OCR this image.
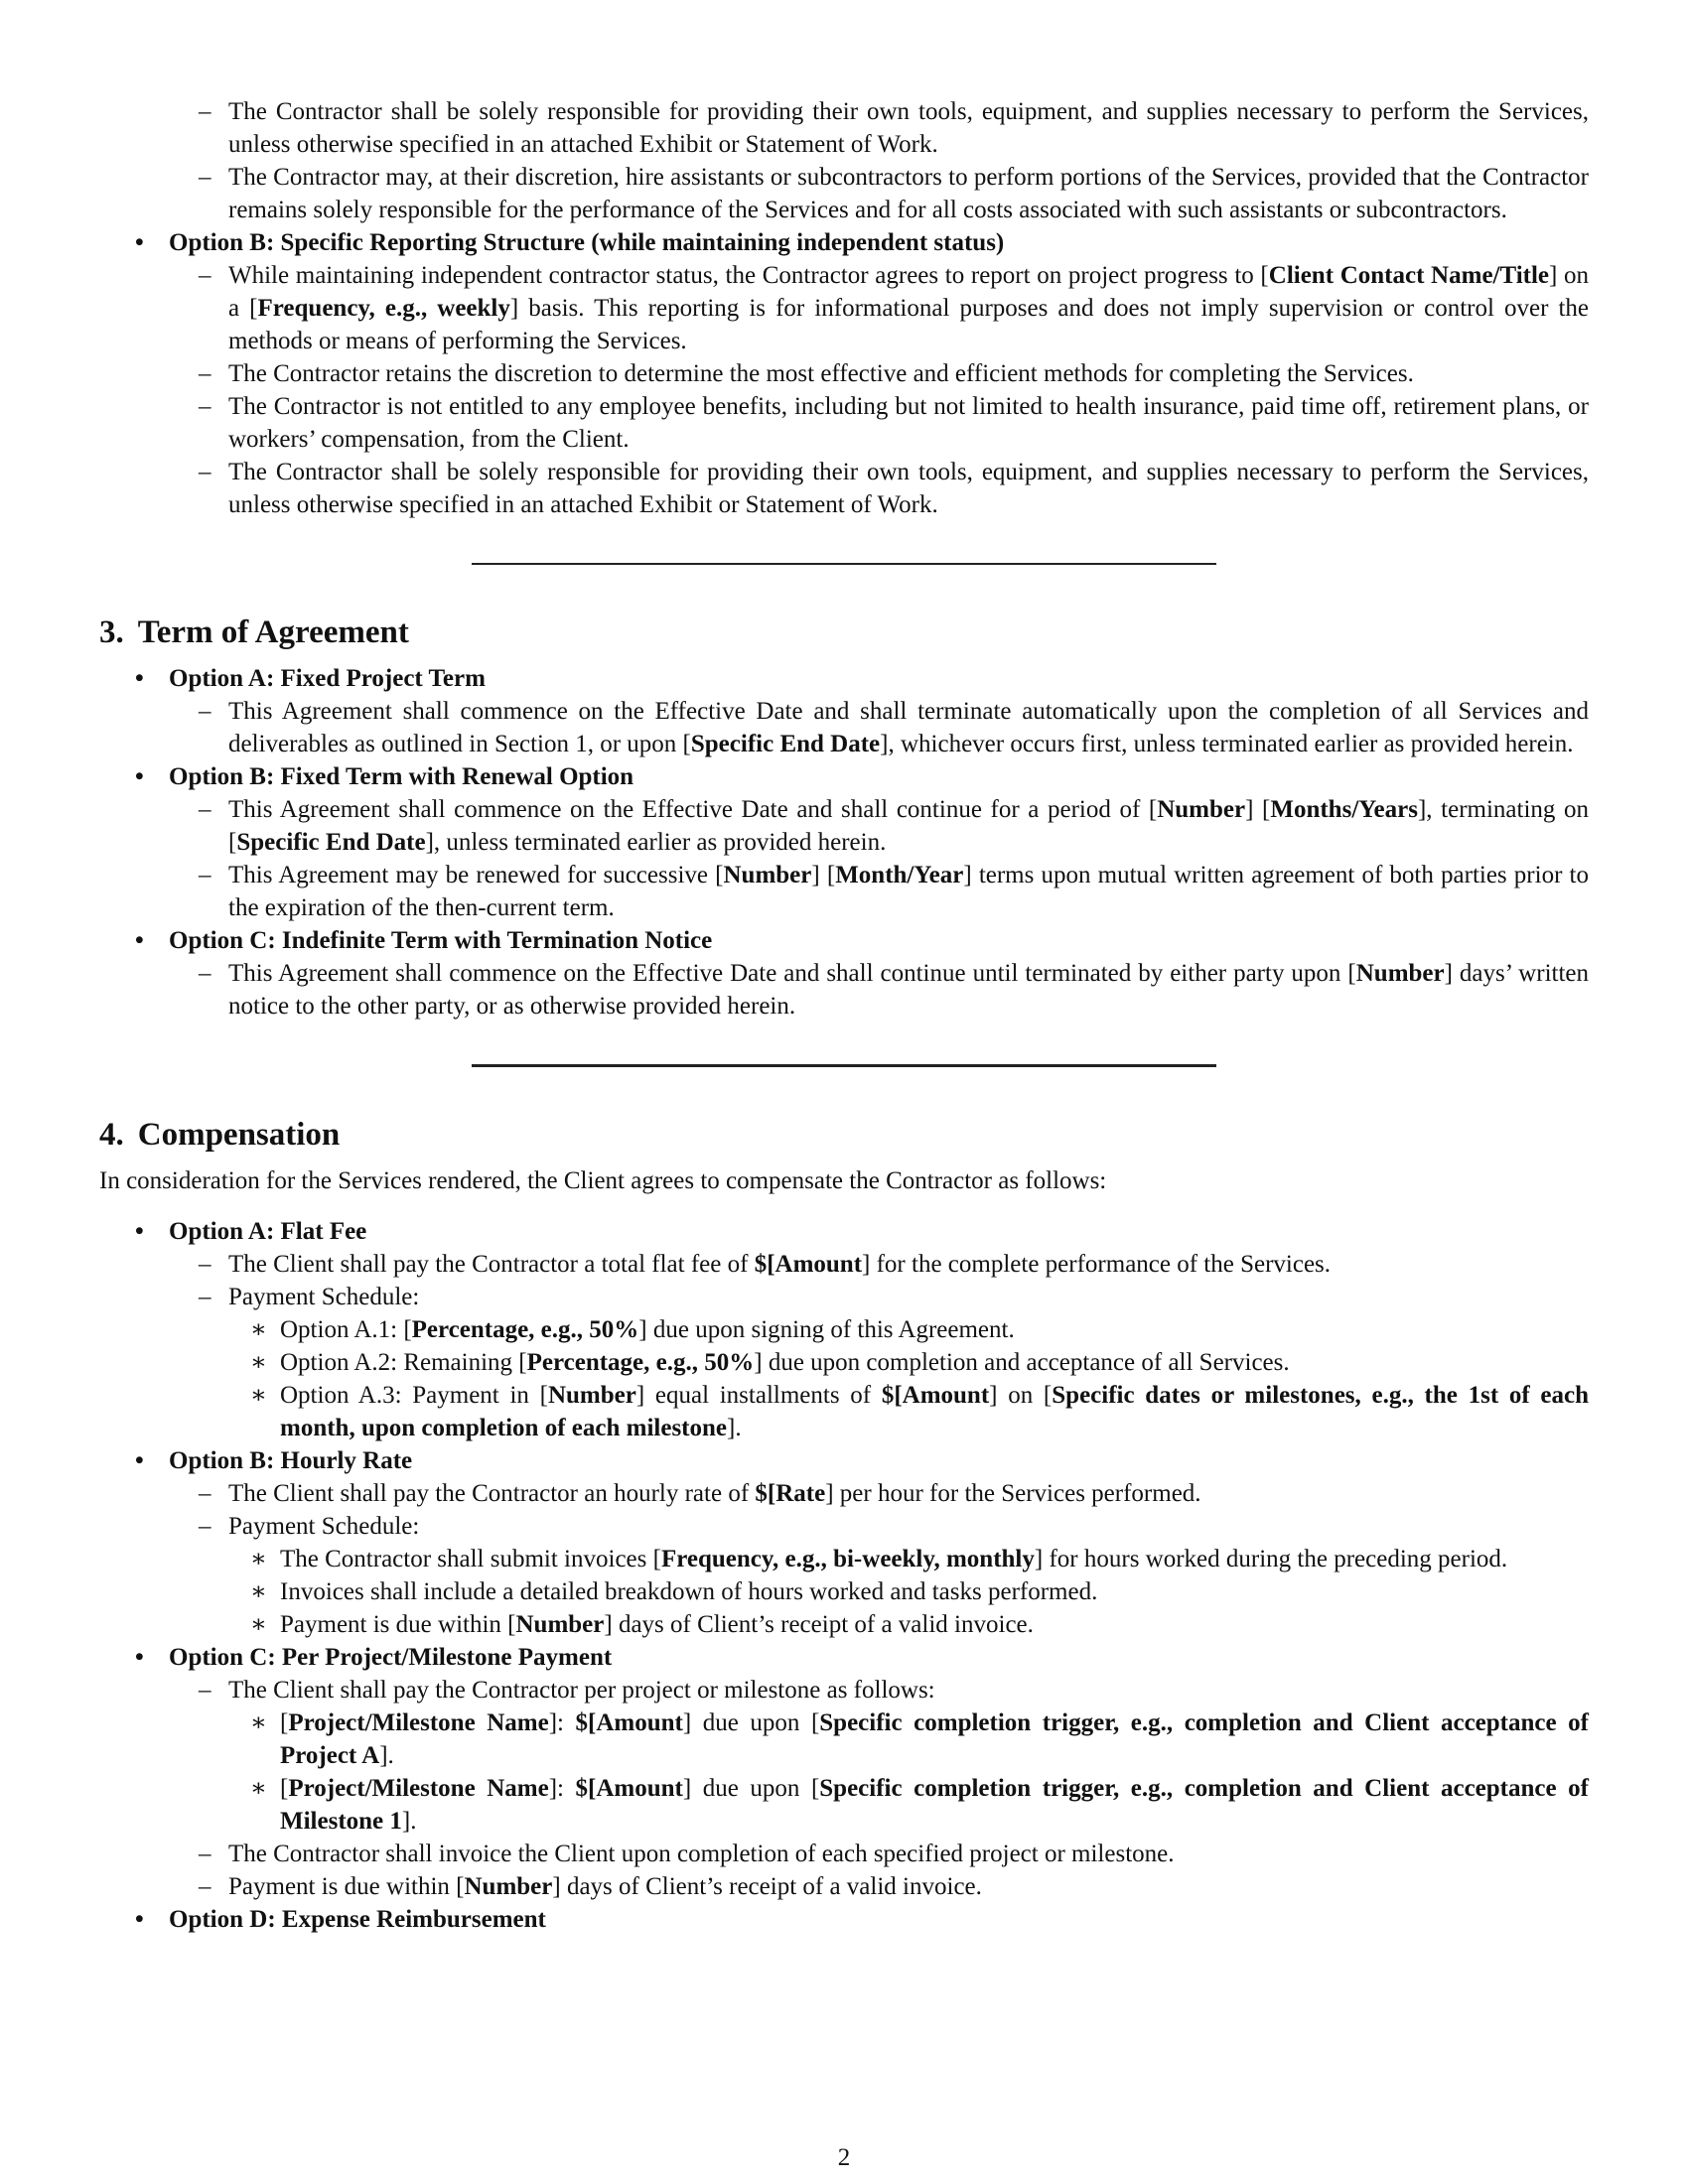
– The Contractor shall be solely responsible for providing their own tools, equipment, and supplies necessary to perform the Services, unless otherwise specified in an attached Exhibit or Statement of Work.
– The Contractor may, at their discretion, hire assistants or subcontractors to perform portions of the Services, provided that the Contractor remains solely responsible for the performance of the Services and for all costs associated with such assistants or subcontractors.
• Option B: Specific Reporting Structure (while maintaining independent status)
– While maintaining independent contractor status, the Contractor agrees to report on project progress to [Client Contact Name/Title] on a [Frequency, e.g., weekly] basis. This reporting is for informational purposes and does not imply supervision or control over the methods or means of performing the Services.
– The Contractor retains the discretion to determine the most effective and efficient methods for completing the Services.
– The Contractor is not entitled to any employee benefits, including but not limited to health insurance, paid time off, retirement plans, or workers’ compensation, from the Client.
– The Contractor shall be solely responsible for providing their own tools, equipment, and supplies necessary to perform the Services, unless otherwise specified in an attached Exhibit or Statement of Work.
3. Term of Agreement
• Option A: Fixed Project Term
– This Agreement shall commence on the Effective Date and shall terminate automatically upon the completion of all Services and deliverables as outlined in Section 1, or upon [Specific End Date], whichever occurs first, unless terminated earlier as provided herein.
• Option B: Fixed Term with Renewal Option
– This Agreement shall commence on the Effective Date and shall continue for a period of [Number] [Months/Years], terminating on [Specific End Date], unless terminated earlier as provided herein.
– This Agreement may be renewed for successive [Number] [Month/Year] terms upon mutual written agreement of both parties prior to the expiration of the then-current term.
• Option C: Indefinite Term with Termination Notice
– This Agreement shall commence on the Effective Date and shall continue until terminated by either party upon [Number] days’ written notice to the other party, or as otherwise provided herein.
4. Compensation
In consideration for the Services rendered, the Client agrees to compensate the Contractor as follows:
• Option A: Flat Fee
– The Client shall pay the Contractor a total flat fee of $[Amount] for the complete performance of the Services.
– Payment Schedule:
∗ Option A.1: [Percentage, e.g., 50%] due upon signing of this Agreement.
∗ Option A.2: Remaining [Percentage, e.g., 50%] due upon completion and acceptance of all Services.
∗ Option A.3: Payment in [Number] equal installments of $[Amount] on [Specific dates or milestones, e.g., the 1st of each month, upon completion of each milestone].
• Option B: Hourly Rate
– The Client shall pay the Contractor an hourly rate of $[Rate] per hour for the Services performed.
– Payment Schedule:
∗ The Contractor shall submit invoices [Frequency, e.g., bi-weekly, monthly] for hours worked during the preceding period.
∗ Invoices shall include a detailed breakdown of hours worked and tasks performed.
∗ Payment is due within [Number] days of Client’s receipt of a valid invoice.
• Option C: Per Project/Milestone Payment
– The Client shall pay the Contractor per project or milestone as follows:
∗ [Project/Milestone Name]: $[Amount] due upon [Specific completion trigger, e.g., completion and Client acceptance of Project A].
∗ [Project/Milestone Name]: $[Amount] due upon [Specific completion trigger, e.g., completion and Client acceptance of Milestone 1].
– The Contractor shall invoice the Client upon completion of each specified project or milestone.
– Payment is due within [Number] days of Client’s receipt of a valid invoice.
• Option D: Expense Reimbursement
2
